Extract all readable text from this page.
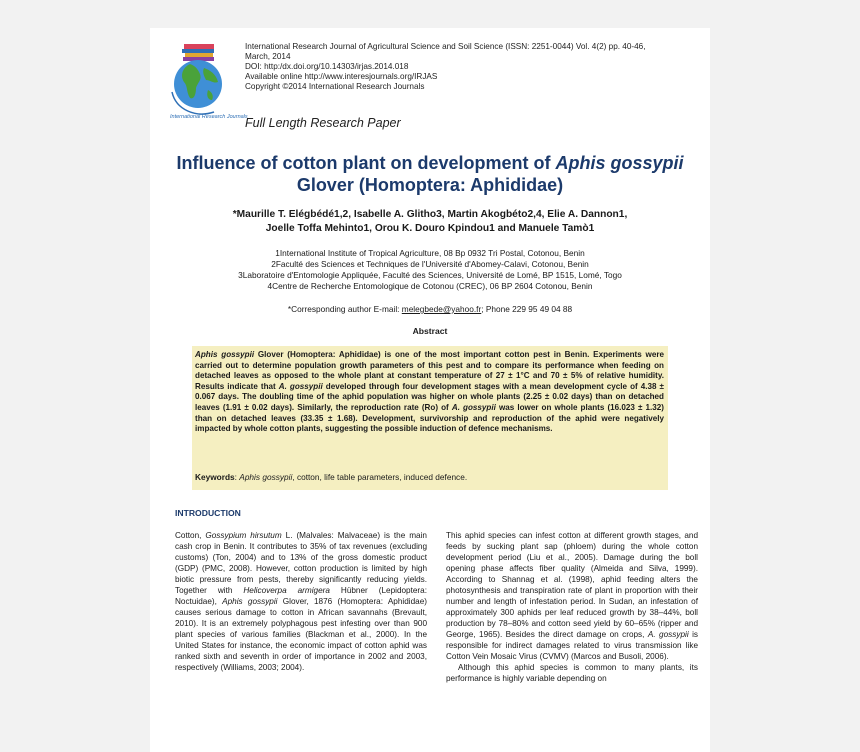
International Research Journals
International Research Journal of Agricultural Science and Soil Science (ISSN: 2251-0044) Vol. 4(2) pp. 40-46,
March, 2014
DOI: http:/dx.doi.org/10.14303/irjas.2014.018
Available online http://www.interesjournals.org/IRJAS
Copyright ©2014 International Research Journals
Full Length Research Paper
Influence of cotton plant on development of Aphis gossypii Glover (Homoptera: Aphididae)
*Maurille T. Elégbédé1,2, Isabelle A. Glitho3, Martin Akogbéto2,4, Elie A. Dannon1,
Joelle Toffa Mehinto1, Orou K. Douro Kpindou1 and Manuele Tamò1
1International Institute of Tropical Agriculture, 08 Bp 0932 Tri Postal, Cotonou, Benin
2Faculté des Sciences et Techniques de l'Université d'Abomey-Calavi, Cotonou, Benin
3Laboratoire d'Entomologie Appliquée, Faculté des Sciences, Université de Lomé, BP 1515, Lomé, Togo
4Centre de Recherche Entomologique de Cotonou (CREC), 06 BP 2604 Cotonou, Benin
*Corresponding author E-mail: melegbede@yahoo.fr; Phone 229 95 49 04 88
Abstract
Aphis gossypii Glover (Homoptera: Aphididae) is one of the most important cotton pest in Benin. Experiments were carried out to determine population growth parameters of this pest and to compare its performance when feeding on detached leaves as opposed to the whole plant at constant temperature of 27 ± 1°C and 70 ± 5% of relative humidity. Results indicate that A. gossypii developed through four development stages with a mean development cycle of 4.38 ± 0.067 days. The doubling time of the aphid population was higher on whole plants (2.25 ± 0.02 days) than on detached leaves (1.91 ± 0.02 days). Similarly, the reproduction rate (Ro) of A. gossypii was lower on whole plants (16.023 ± 1.32) than on detached leaves (33.35 ± 1.68). Development, survivorship and reproduction of the aphid were negatively impacted by whole cotton plants, suggesting the possible induction of defence mechanisms.
Keywords: Aphis gossypii, cotton, life table parameters, induced defence.
INTRODUCTION

Cotton, Gossypium hirsutum L. (Malvales: Malvaceae) is the main cash crop in Benin. It contributes to 35% of tax revenues (excluding customs) (Ton, 2004) and to 13% of the gross domestic product (GDP) (PMC, 2008). However, cotton production is limited by high biotic pressure from pests, thereby significantly reducing yields. Together with Helicoverpa armigera Hübner (Lepidoptera: Noctuidae), Aphis gossypii Glover, 1876 (Homoptera: Aphididae) causes serious damage to cotton in African savannahs (Brevault, 2010). It is an extremely polyphagous pest infesting over than 900 plant species of various families (Blackman et al., 2000). In the United States for instance, the economic impact of cotton aphid was ranked sixth and seventh in order of importance in 2002 and 2003, respectively (Williams, 2003; 2004).

This aphid species can infest cotton at different growth stages, and feeds by sucking plant sap (phloem) during the whole cotton development period (Liu et al., 2005). Damage during the boll opening phase affects fiber quality (Almeida and Silva, 1999). According to Shannag et al. (1998), aphid feeding alters the photosynthesis and transpiration rate of plant in proportion with their number and length of infestation period. In Sudan, an infestation of approximately 300 aphids per leaf reduced growth by 38–44%, boll production by 78–80% and cotton seed yield by 60–65% (ripper and George, 1965). Besides the direct damage on crops, A. gossypii is responsible for indirect damages related to virus transmission like Cotton Vein Mosaic Virus (CVMV) (Marcos and Busoli, 2006).

Although this aphid species is common to many plants, its performance is highly variable depending on
